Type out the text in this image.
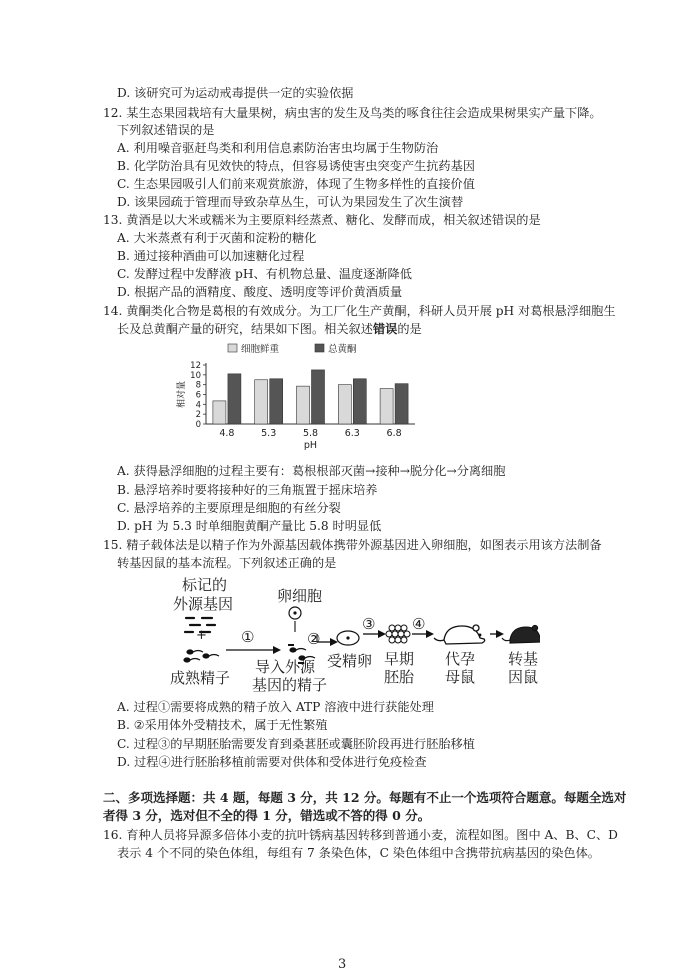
D. 该研究可为运动戒毒提供一定的实验依据
12. 某生态果园栽培有大量果树，病虫害的发生及鸟类的啄食往往会造成果树果实产量下降。
下列叙述错误的是
A. 利用噪音驱赶鸟类和利用信息素防治害虫均属于生物防治
B. 化学防治具有见效快的特点，但容易诱使害虫突变产生抗药基因
C. 生态果园吸引人们前来观赏旅游，体现了生物多样性的直接价值
D. 该果园疏于管理而导致杂草丛生，可认为果园发生了次生演替
13. 黄酒是以大米或糯米为主要原料经蒸煮、糖化、发酵而成，相关叙述错误的是
A. 大米蒸煮有利于灭菌和淀粉的糖化
B. 通过接种酒曲可以加速糖化过程
C. 发酵过程中发酵液 pH、有机物总量、温度逐渐降低
D. 根据产品的酒精度、酸度、透明度等评价黄酒质量
14. 黄酮类化合物是葛根的有效成分。为工厂化生产黄酮，科研人员开展 pH 对葛根悬浮细胞生
长及总黄酮产量的研究，结果如下图。相关叙述错误的是
细胞鲜重	总黄酮
相对量
0
2
4
6
8
10
12
4.8	5.3	5.8	6.3	6.8
pH
A. 获得悬浮细胞的过程主要有：葛根根部灭菌→接种→脱分化→分离细胞
B. 悬浮培养时要将接种好的三角瓶置于摇床培养
C. 悬浮培养的主要原理是细胞的有丝分裂
D. pH 为 5.3 时单细胞黄酮产量比 5.8 时明显低
15. 精子载体法是以精子作为外源基因载体携带外源基因进入卵细胞，如图表示用该方法制备
转基因鼠的基本流程。下列叙述正确的是
标记的
外源基因
+
成熟精子
①
导入外源
基因的精子
卵细胞
②
受精卵
③
早期
胚胎
④
代孕
母鼠
转基
因鼠
A. 过程①需要将成熟的精子放入 ATP 溶液中进行获能处理
B. ②采用体外受精技术，属于无性繁殖
C. 过程③的早期胚胎需要发育到桑葚胚或囊胚阶段再进行胚胎移植
D. 过程④进行胚胎移植前需要对供体和受体进行免疫检查
二、多项选择题：共 4 题，每题 3 分，共 12 分。每题有不止一个选项符合题意。每题全选对
者得 3 分，选对但不全的得 1 分，错选或不答的得 0 分。
16. 育种人员将异源多倍体小麦的抗叶锈病基因转移到普通小麦，流程如图。图中 A、B、C、D
表示 4 个不同的染色体组，每组有 7 条染色体，C 染色体组中含携带抗病基因的染色体。
3
